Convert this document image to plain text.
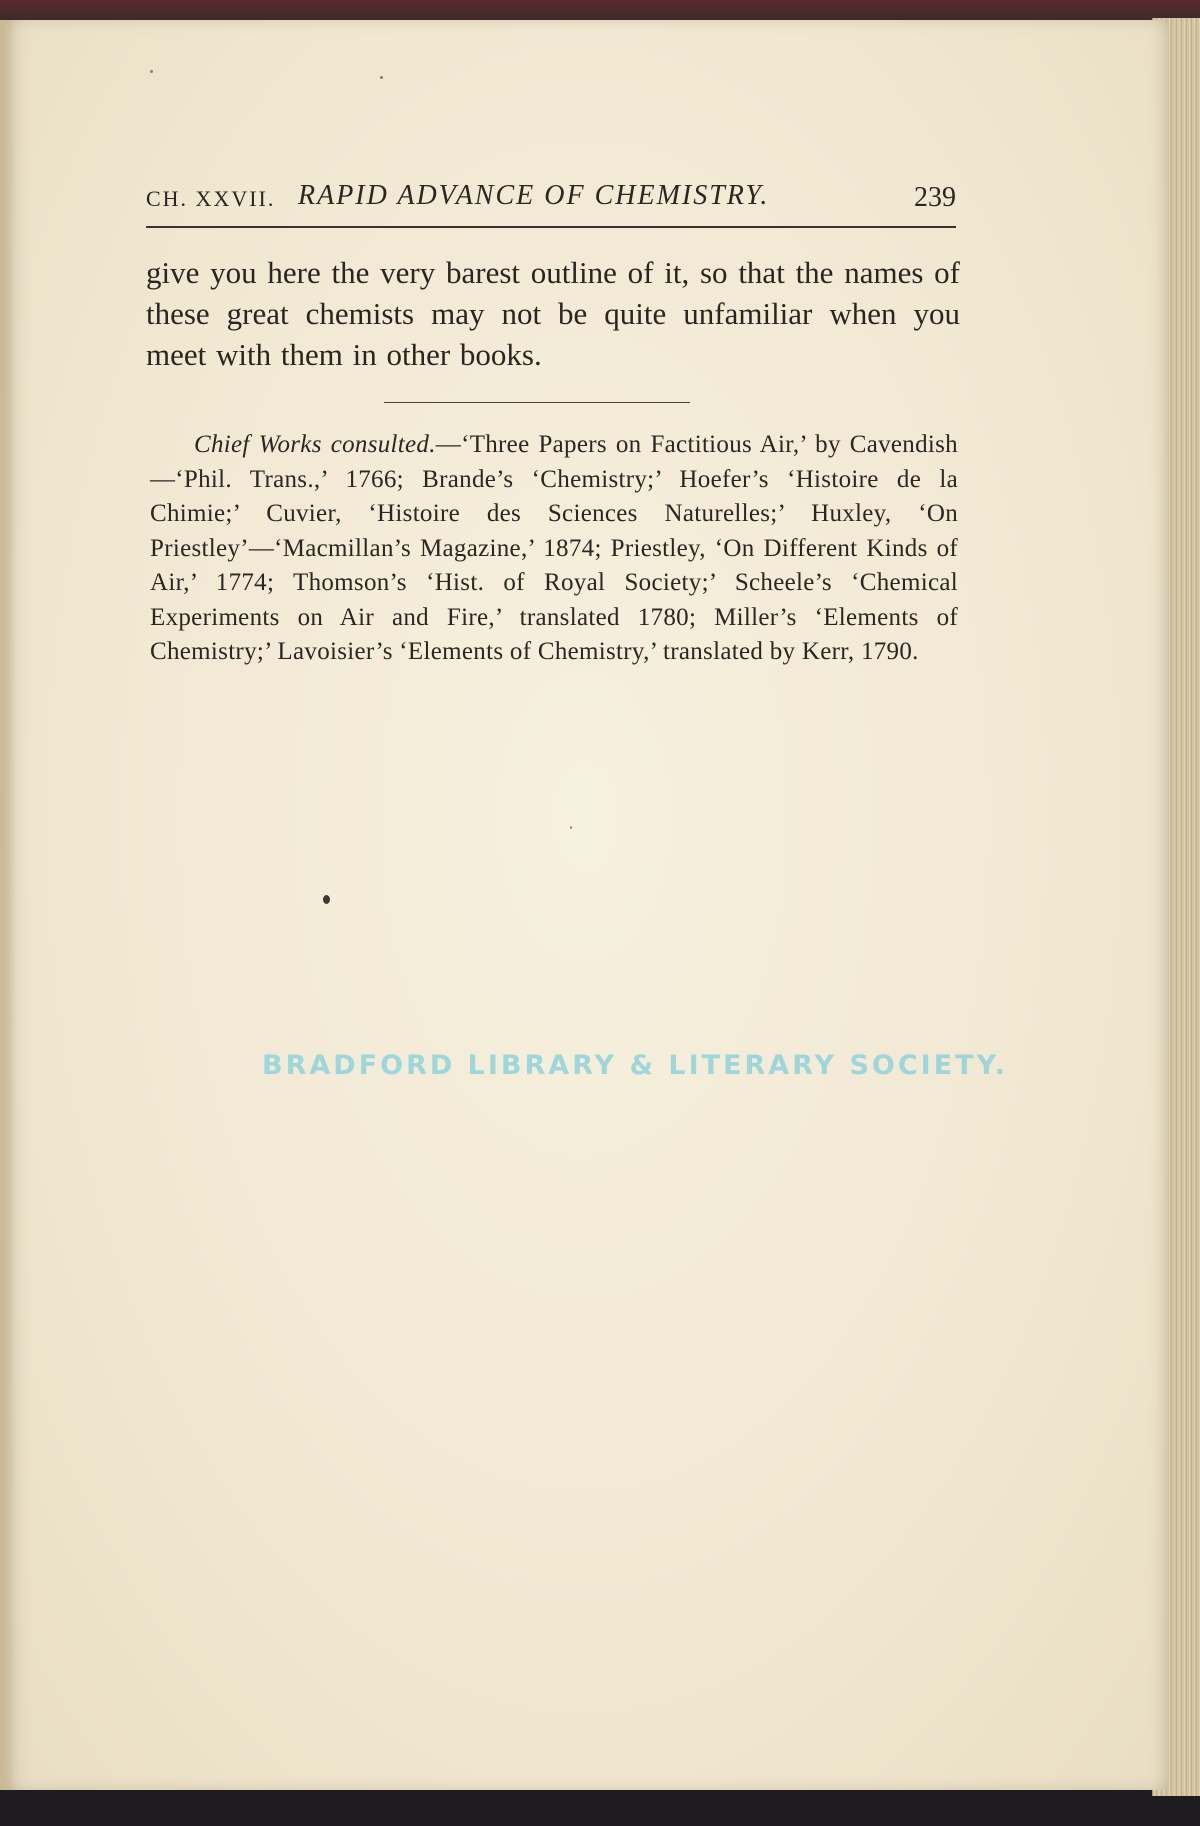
CH. XXVII. RAPID ADVANCE OF CHEMISTRY.	239

give you here the very barest outline of it, so that the names of these great chemists may not be quite unfamiliar when you meet with them in other books.

Chief Works consulted.—‘Three Papers on Factitious Air,’ by Cavendish—‘Phil. Trans.,’ 1766; Brande’s ‘Chemistry;’ Hoefer’s ‘Histoire de la Chimie;’ Cuvier, ‘Histoire des Sciences Naturelles;’ Huxley, ‘On Priestley’—‘Macmillan’s Magazine,’ 1874; Priestley, ‘On Different Kinds of Air,’ 1774; Thomson’s ‘Hist. of Royal Society;’ Scheele’s ‘Chemical Experiments on Air and Fire,’ translated 1780; Miller’s ‘Elements of Chemistry;’ Lavoisier’s ‘Elements of Chemistry,’ translated by Kerr, 1790.

BRADFORD LIBRARY & LITERARY SOCIETY.
